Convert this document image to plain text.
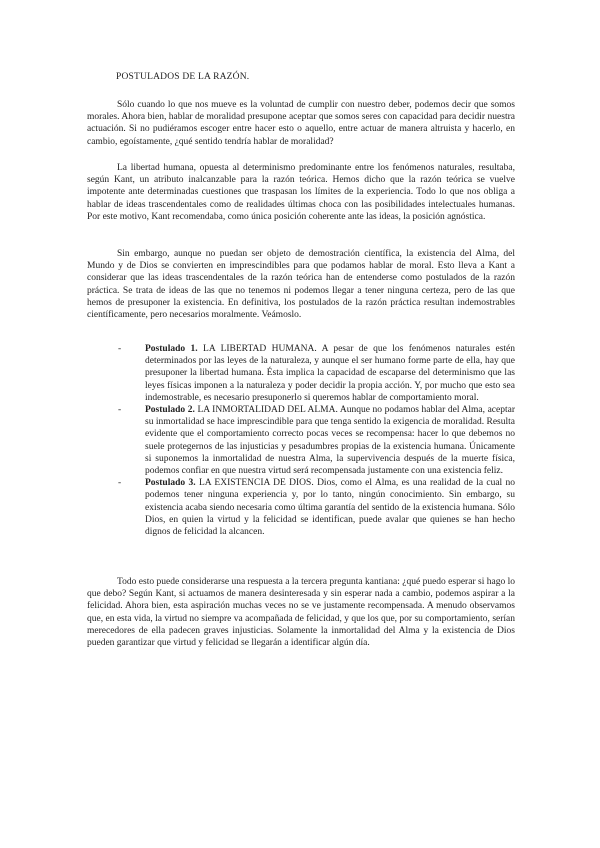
POSTULADOS DE LA RAZÓN.

Sólo cuando lo que nos mueve es la voluntad de cumplir con nuestro deber, podemos decir que somos morales. Ahora bien, hablar de moralidad presupone aceptar que somos seres con capacidad para decidir nuestra actuación. Si no pudiéramos escoger entre hacer esto o aquello, entre actuar de manera altruista y hacerlo, en cambio, egoístamente, ¿qué sentido tendría hablar de moralidad?

La libertad humana, opuesta al determinismo predominante entre los fenómenos naturales, resultaba, según Kant, un atributo inalcanzable para la razón teórica. Hemos dicho que la razón teórica se vuelve impotente ante determinadas cuestiones que traspasan los límites de la experiencia. Todo lo que nos obliga a hablar de ideas trascendentales como de realidades últimas choca con las posibilidades intelectuales humanas. Por este motivo, Kant recomendaba, como única posición coherente ante las ideas, la posición agnóstica.

Sin embargo, aunque no puedan ser objeto de demostración científica, la existencia del Alma, del Mundo y de Dios se convierten en imprescindibles para que podamos hablar de moral. Esto lleva a Kant a considerar que las ideas trascendentales de la razón teórica han de entenderse como postulados de la razón práctica. Se trata de ideas de las que no tenemos ni podemos llegar a tener ninguna certeza, pero de las que hemos de presuponer la existencia. En definitiva, los postulados de la razón práctica resultan indemostrables científicamente, pero necesarios moralmente. Veámoslo.

-	Postulado 1. LA LIBERTAD HUMANA. A pesar de que los fenómenos naturales estén determinados por las leyes de la naturaleza, y aunque el ser humano forme parte de ella, hay que presuponer la libertad humana. Ésta implica la capacidad de escaparse del determinismo que las leyes físicas imponen a la naturaleza y poder decidir la propia acción. Y, por mucho que esto sea indemostrable, es necesario presuponerlo si queremos hablar de comportamiento moral.
-	Postulado 2. LA INMORTALIDAD DEL ALMA. Aunque no podamos hablar del Alma, aceptar su inmortalidad se hace imprescindible para que tenga sentido la exigencia de moralidad. Resulta evidente que el comportamiento correcto pocas veces se recompensa: hacer lo que debemos no suele protegernos de las injusticias y pesadumbres propias de la existencia humana. Únicamente si suponemos la inmortalidad de nuestra Alma, la supervivencia después de la muerte física, podemos confiar en que nuestra virtud será recompensada justamente con una existencia feliz.
-	Postulado 3. LA EXISTENCIA DE DIOS. Dios, como el Alma, es una realidad de la cual no podemos tener ninguna experiencia y, por lo tanto, ningún conocimiento. Sin embargo, su existencia acaba siendo necesaria como última garantía del sentido de la existencia humana. Sólo Dios, en quien la virtud y la felicidad se identifican, puede avalar que quienes se han hecho dignos de felicidad la alcancen.

Todo esto puede considerarse una respuesta a la tercera pregunta kantiana: ¿qué puedo esperar si hago lo que debo? Según Kant, si actuamos de manera desinteresada y sin esperar nada a cambio, podemos aspirar a la felicidad. Ahora bien, esta aspiración muchas veces no se ve justamente recompensada. A menudo observamos que, en esta vida, la virtud no siempre va acompañada de felicidad, y que los que, por su comportamiento, serían merecedores de ella padecen graves injusticias. Solamente la inmortalidad del Alma y la existencia de Dios pueden garantizar que virtud y felicidad se llegarán a identificar algún día.
